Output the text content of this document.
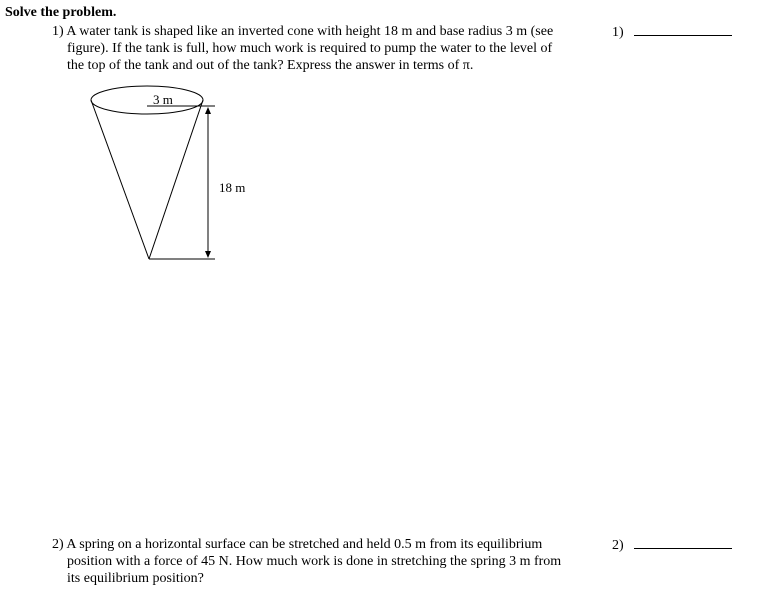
Solve the problem.
1) A water tank is shaped like an inverted cone with height 18 m and base radius 3 m (see
figure). If the tank is full, how much work is required to pump the water to the level of
the top of the tank and out of the tank? Express the answer in terms of π.
1)
3 m
18 m
2) A spring on a horizontal surface can be stretched and held 0.5 m from its equilibrium
position with a force of 45 N. How much work is done in stretching the spring 3 m from
its equilibrium position?
2)
